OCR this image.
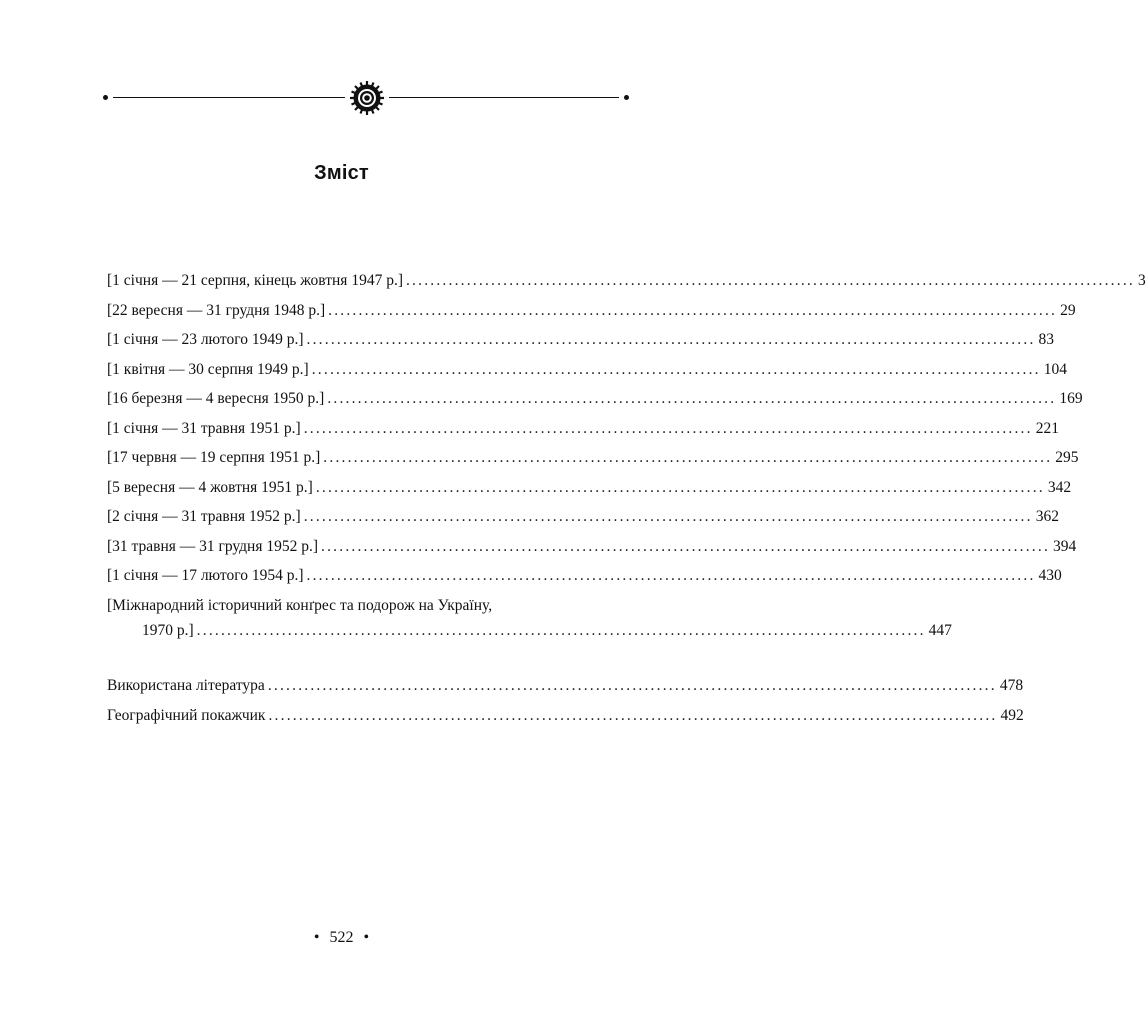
Зміст
[1 січня — 21 серпня, кінець жовтня 1947 р.] ........................................................................................................................ 3
[22 вересня — 31 грудня 1948 р.] ........................................................................................................................ 29
[1 січня — 23 лютого 1949 р.] ........................................................................................................................ 83
[1 квітня — 30 серпня 1949 р.] ........................................................................................................................ 104
[16 березня — 4 вересня 1950 р.] ........................................................................................................................ 169
[1 січня — 31 травня 1951 р.] ........................................................................................................................ 221
[17 червня — 19 серпня 1951 р.] ........................................................................................................................ 295
[5 вересня — 4 жовтня 1951 р.] ........................................................................................................................ 342
[2 січня — 31 травня 1952 р.] ........................................................................................................................ 362
[31 травня — 31 грудня 1952 р.] ........................................................................................................................ 394
[1 січня — 17 лютого 1954 р.] ........................................................................................................................ 430
[Міжнародний історичний конґрес та подорож на Україну,
1970 р.] ........................................................................................................................ 447
Використана література ........................................................................................................................ 478
Географічний покажчик ........................................................................................................................ 492
• 522 •
